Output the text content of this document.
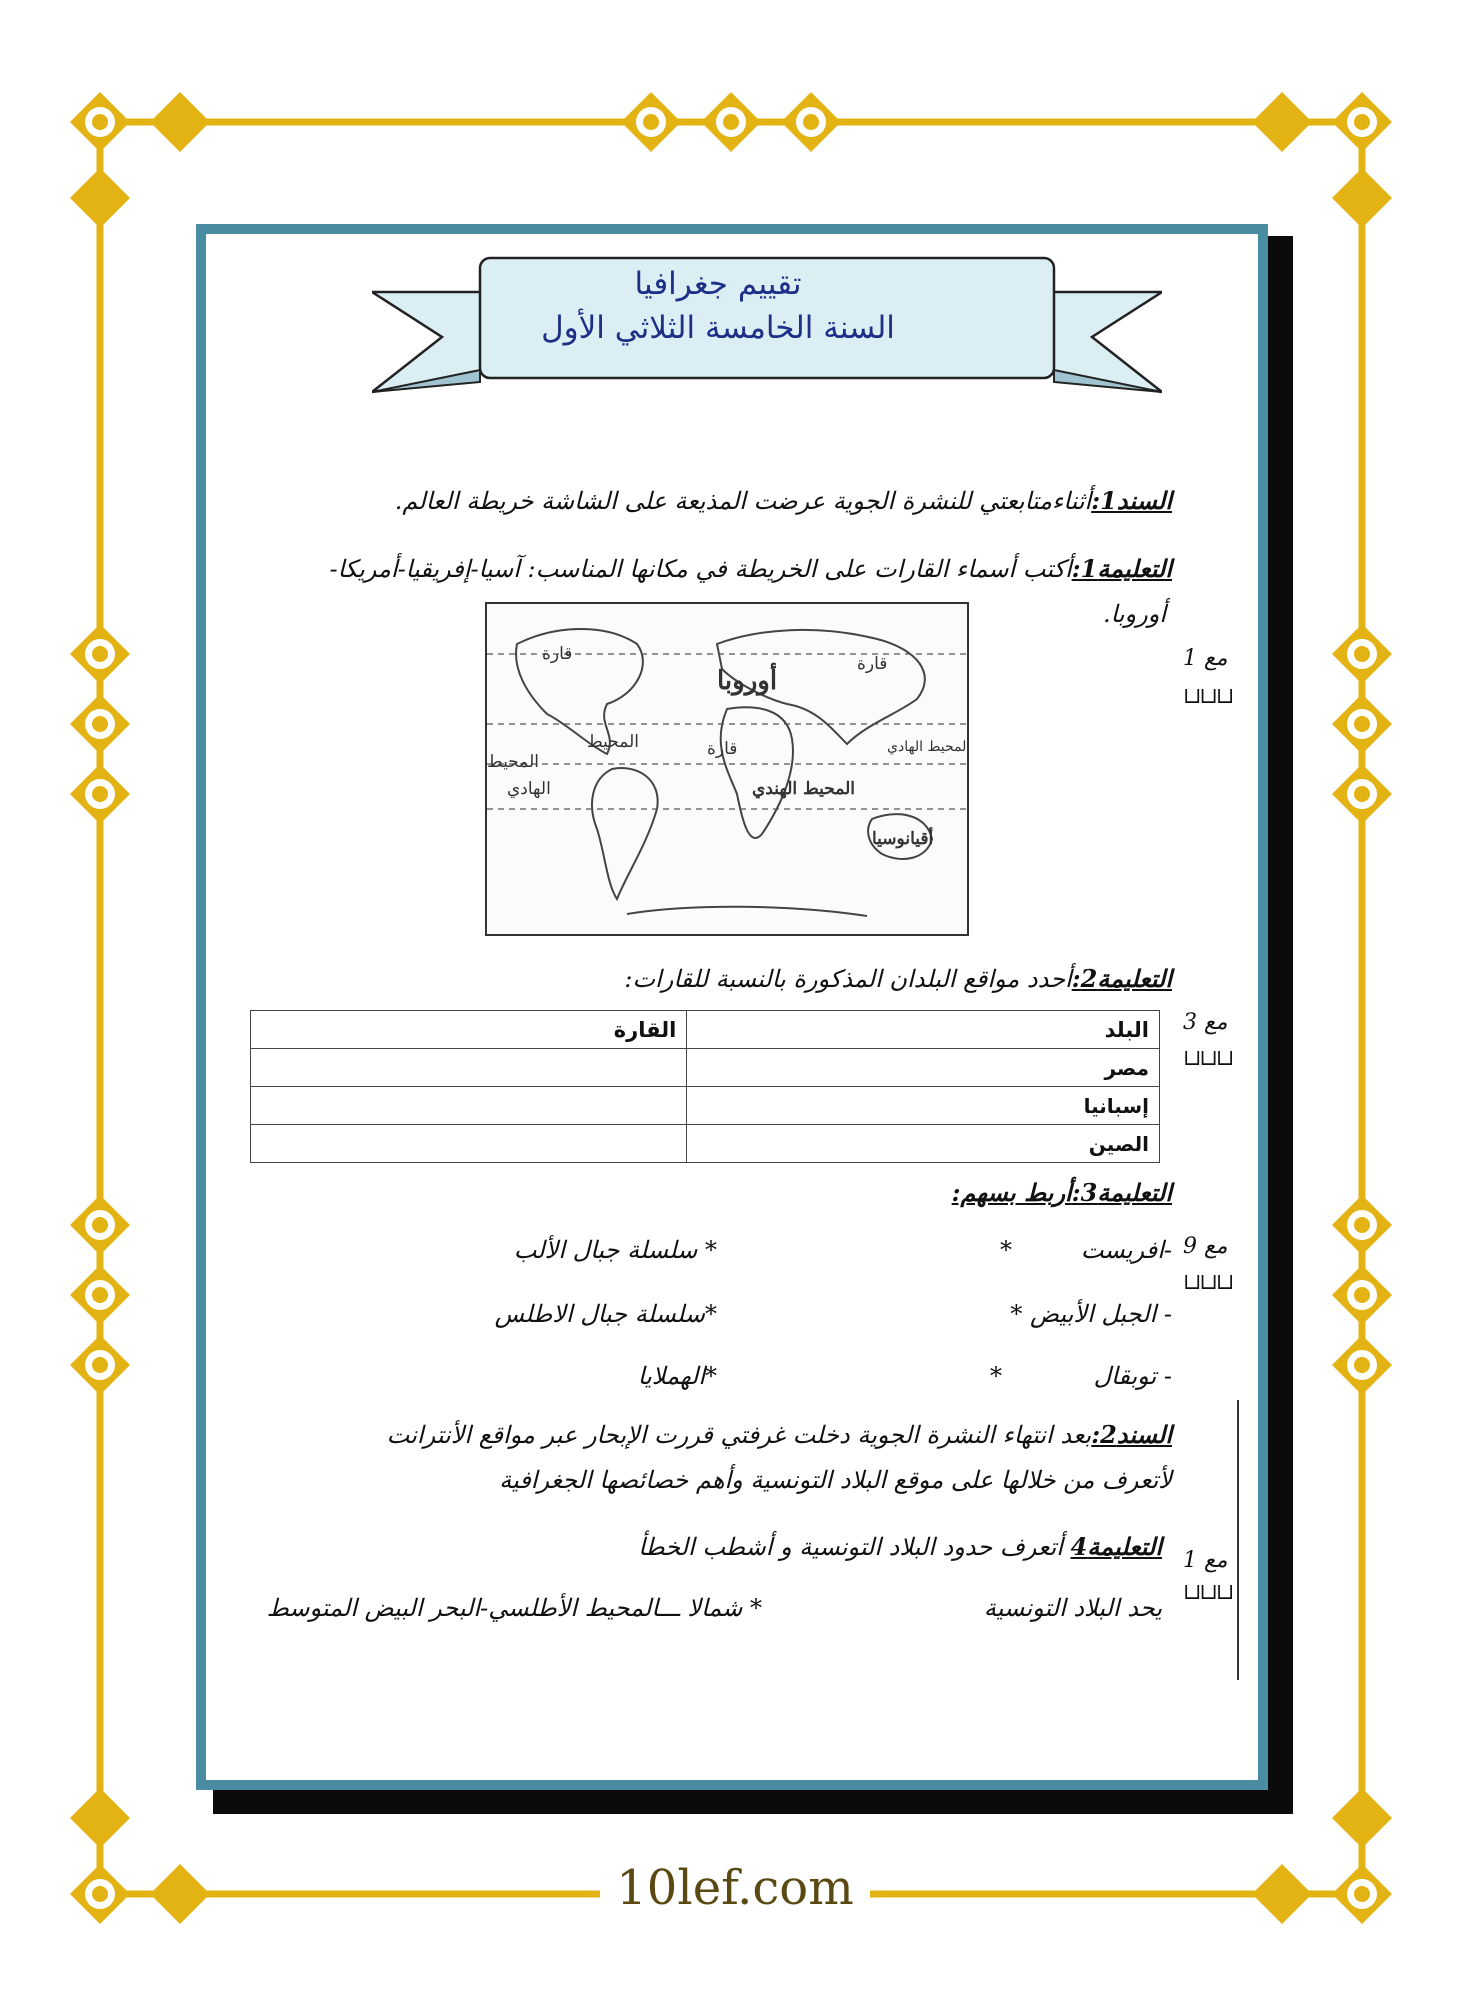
تقييم جغرافيا
السنة الخامسة الثلاثي الأول
السند1:أثناءمتابعتي للنشرة الجوية عرضت المذيعة على الشاشة خريطة العالم.
التعليمة1:أكتب أسماء القارات على الخريطة في مكانها المناسب: آسيا-إفريقيا-أمريكا-
أوروبا.
أوروبا
قارة	قارة
المحيط
المحيط
قارة
الهادي	المحيط الهندي
المحيط الهادي
أقيانوسيا
التعليمة2:أحدد مواقع البلدان المذكورة بالنسبة للقارات:
البلد	القارة
مصر	
إسبانيا	
الصين	
التعليمة3:أربط بسهم:
-افريست
*
- الجبل الأبيض *
- توبقال
*
* سلسلة جبال الألب
*سلسلة جبال الاطلس
*الهملايا
السند2:بعد انتهاء النشرة الجوية دخلت غرفتي قررت الإبحار عبر مواقع الأنترانت
لأتعرف من خلالها على موقع البلاد التونسية وأهم خصائصها الجغرافية
التعليمة4 أتعرف حدود البلاد التونسية و أشطب الخطأ
يحد البلاد التونسية
* شمالا ـــالمحيط الأطلسي-البحر البيض المتوسط
مع 1
⊔⊔⊔
مع 3
⊔⊔⊔
مع 9
⊔⊔⊔
مع 1
⊔⊔⊔
10lef.com
